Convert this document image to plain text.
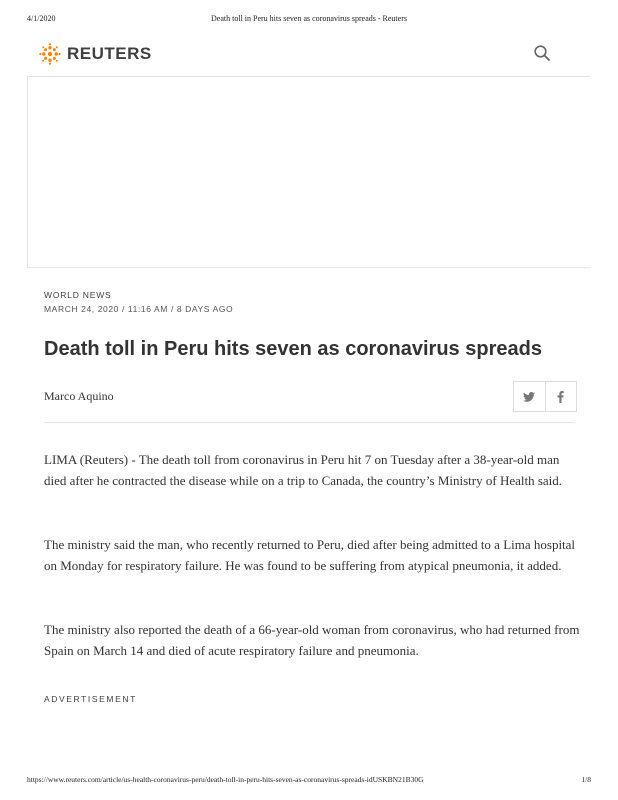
4/1/2020	Death toll in Peru hits seven as coronavirus spreads - Reuters
REUTERS
WORLD NEWS
MARCH 24, 2020 / 11:16 AM / 8 DAYS AGO
Death toll in Peru hits seven as coronavirus spreads
Marco Aquino

LIMA (Reuters) - The death toll from coronavirus in Peru hit 7 on Tuesday after a 38-year-old man died after he contracted the disease while on a trip to Canada, the country’s Ministry of Health said.

The ministry said the man, who recently returned to Peru, died after being admitted to a Lima hospital on Monday for respiratory failure. He was found to be suffering from atypical pneumonia, it added.

The ministry also reported the death of a 66-year-old woman from coronavirus, who had returned from Spain on March 14 and died of acute respiratory failure and pneumonia.

ADVERTISEMENT
https://www.reuters.com/article/us-health-coronavirus-peru/death-toll-in-peru-hits-seven-as-coronavirus-spreads-idUSKBN21B30G	1/8
